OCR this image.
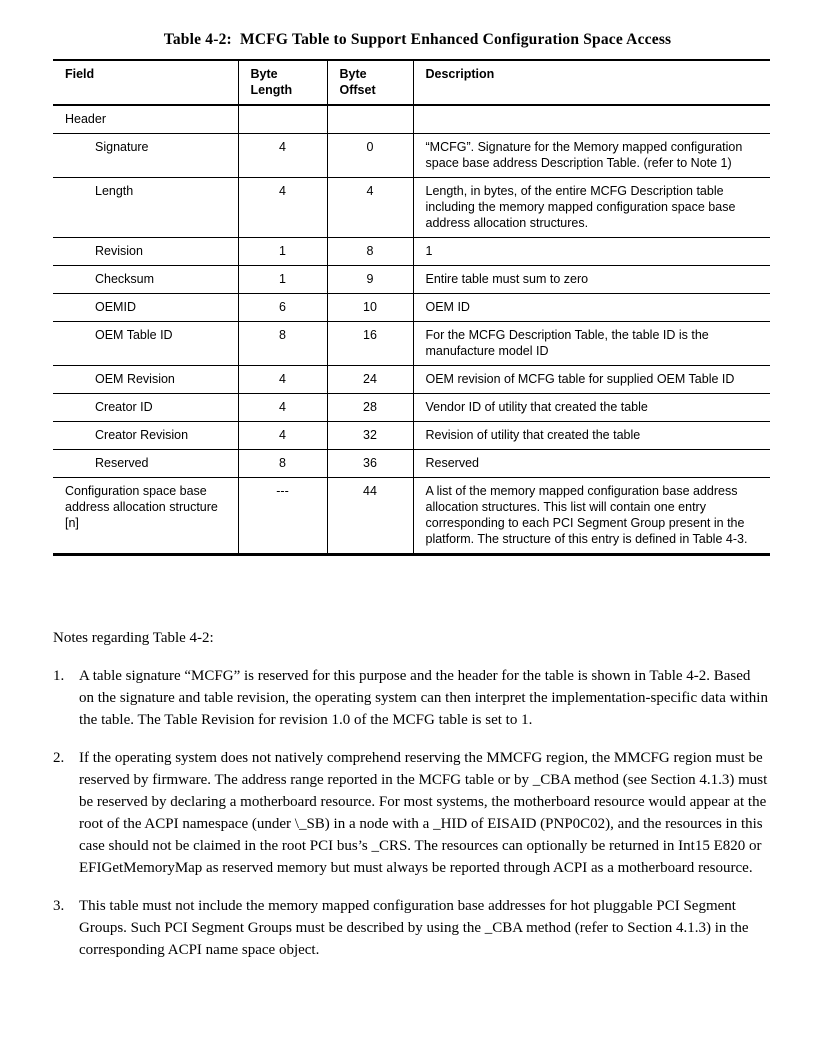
Table 4-2:  MCFG Table to Support Enhanced Configuration Space Access
Field	Byte Length	Byte Offset	Description
Header			
Signature	4	0	“MCFG”. Signature for the Memory mapped configuration space base address Description Table. (refer to Note 1)
Length	4	4	Length, in bytes, of the entire MCFG Description table including the memory mapped configuration space base address allocation structures.
Revision	1	8	1
Checksum	1	9	Entire table must sum to zero
OEMID	6	10	OEM ID
OEM Table ID	8	16	For the MCFG Description Table, the table ID is the manufacture model ID
OEM Revision	4	24	OEM revision of MCFG table for supplied OEM Table ID
Creator ID	4	28	Vendor ID of utility that created the table
Creator Revision	4	32	Revision of utility that created the table
Reserved	8	36	Reserved
Configuration space base address allocation structure [n]	---	44	A list of the memory mapped configuration base address allocation structures. This list will contain one entry corresponding to each PCI Segment Group present in the platform. The structure of this entry is defined in Table 4-3.

Notes regarding Table 4-2:

1. A table signature “MCFG” is reserved for this purpose and the header for the table is shown in Table 4-2. Based on the signature and table revision, the operating system can then interpret the implementation-specific data within the table. The Table Revision for revision 1.0 of the MCFG table is set to 1.
2. If the operating system does not natively comprehend reserving the MMCFG region, the MMCFG region must be reserved by firmware. The address range reported in the MCFG table or by _CBA method (see Section 4.1.3) must be reserved by declaring a motherboard resource. For most systems, the motherboard resource would appear at the root of the ACPI namespace (under \_SB) in a node with a _HID of EISAID (PNP0C02), and the resources in this case should not be claimed in the root PCI bus’s _CRS. The resources can optionally be returned in Int15 E820 or EFIGetMemoryMap as reserved memory but must always be reported through ACPI as a motherboard resource.
3. This table must not include the memory mapped configuration base addresses for hot pluggable PCI Segment Groups. Such PCI Segment Groups must be described by using the _CBA method (refer to Section 4.1.3) in the corresponding ACPI name space object.
